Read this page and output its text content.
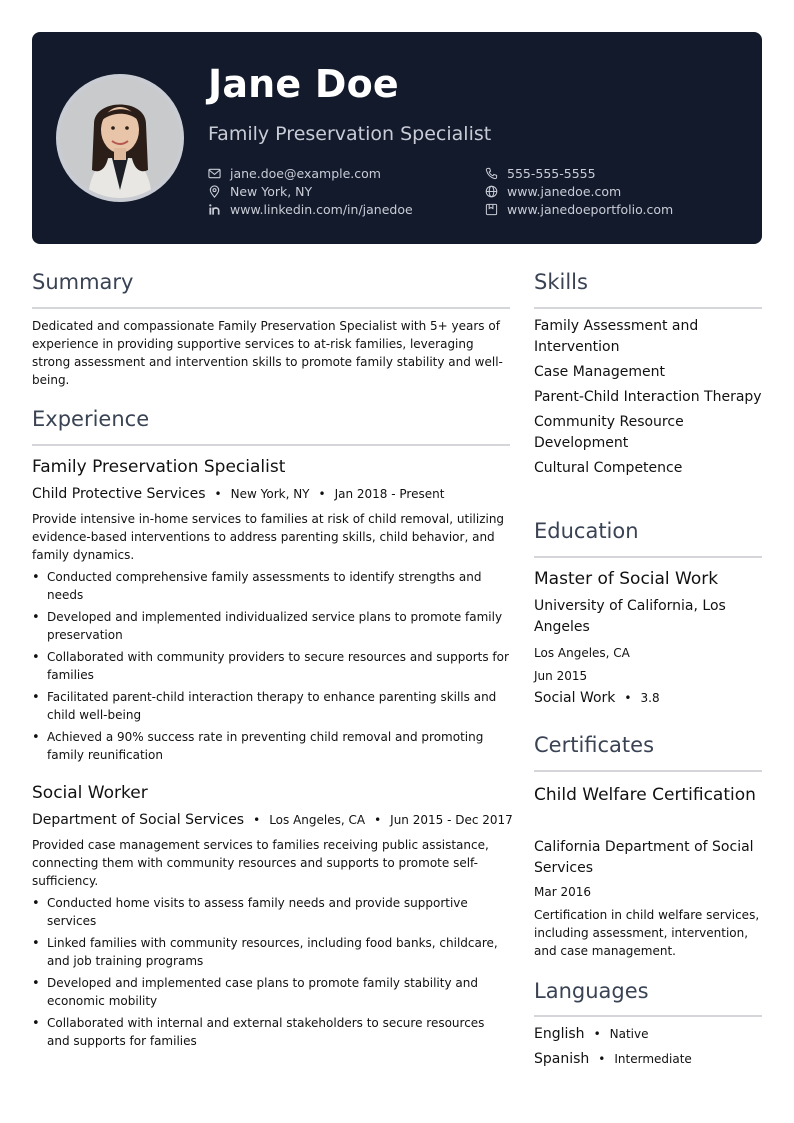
Jane Doe
Family Preservation Specialist
jane.doe@example.com
New York, NY
www.linkedin.com/in/janedoe
555-555-5555
www.janedoe.com
www.janedoeportfolio.com
Summary
Dedicated and compassionate Family Preservation Specialist with 5+ years of experience in providing supportive services to at-risk families, leveraging strong assessment and intervention skills to promote family stability and well-being.
Experience
Family Preservation Specialist
Child Protective Services • New York, NY • Jan 2018 - Present
Provide intensive in-home services to families at risk of child removal, utilizing evidence-based interventions to address parenting skills, child behavior, and family dynamics.
• Conducted comprehensive family assessments to identify strengths and needs
• Developed and implemented individualized service plans to promote family preservation
• Collaborated with community providers to secure resources and supports for families
• Facilitated parent-child interaction therapy to enhance parenting skills and child well-being
• Achieved a 90% success rate in preventing child removal and promoting family reunification
Social Worker
Department of Social Services • Los Angeles, CA • Jun 2015 - Dec 2017
Provided case management services to families receiving public assistance, connecting them with community resources and supports to promote self-sufficiency.
• Conducted home visits to assess family needs and provide supportive services
• Linked families with community resources, including food banks, childcare, and job training programs
• Developed and implemented case plans to promote family stability and economic mobility
• Collaborated with internal and external stakeholders to secure resources and supports for families
Skills
Family Assessment and Intervention
Case Management
Parent-Child Interaction Therapy
Community Resource Development
Cultural Competence
Education
Master of Social Work
University of California, Los Angeles
Los Angeles, CA
Jun 2015
Social Work • 3.8
Certificates
Child Welfare Certification
California Department of Social Services
Mar 2016
Certification in child welfare services, including assessment, intervention, and case management.
Languages
English • Native
Spanish • Intermediate
